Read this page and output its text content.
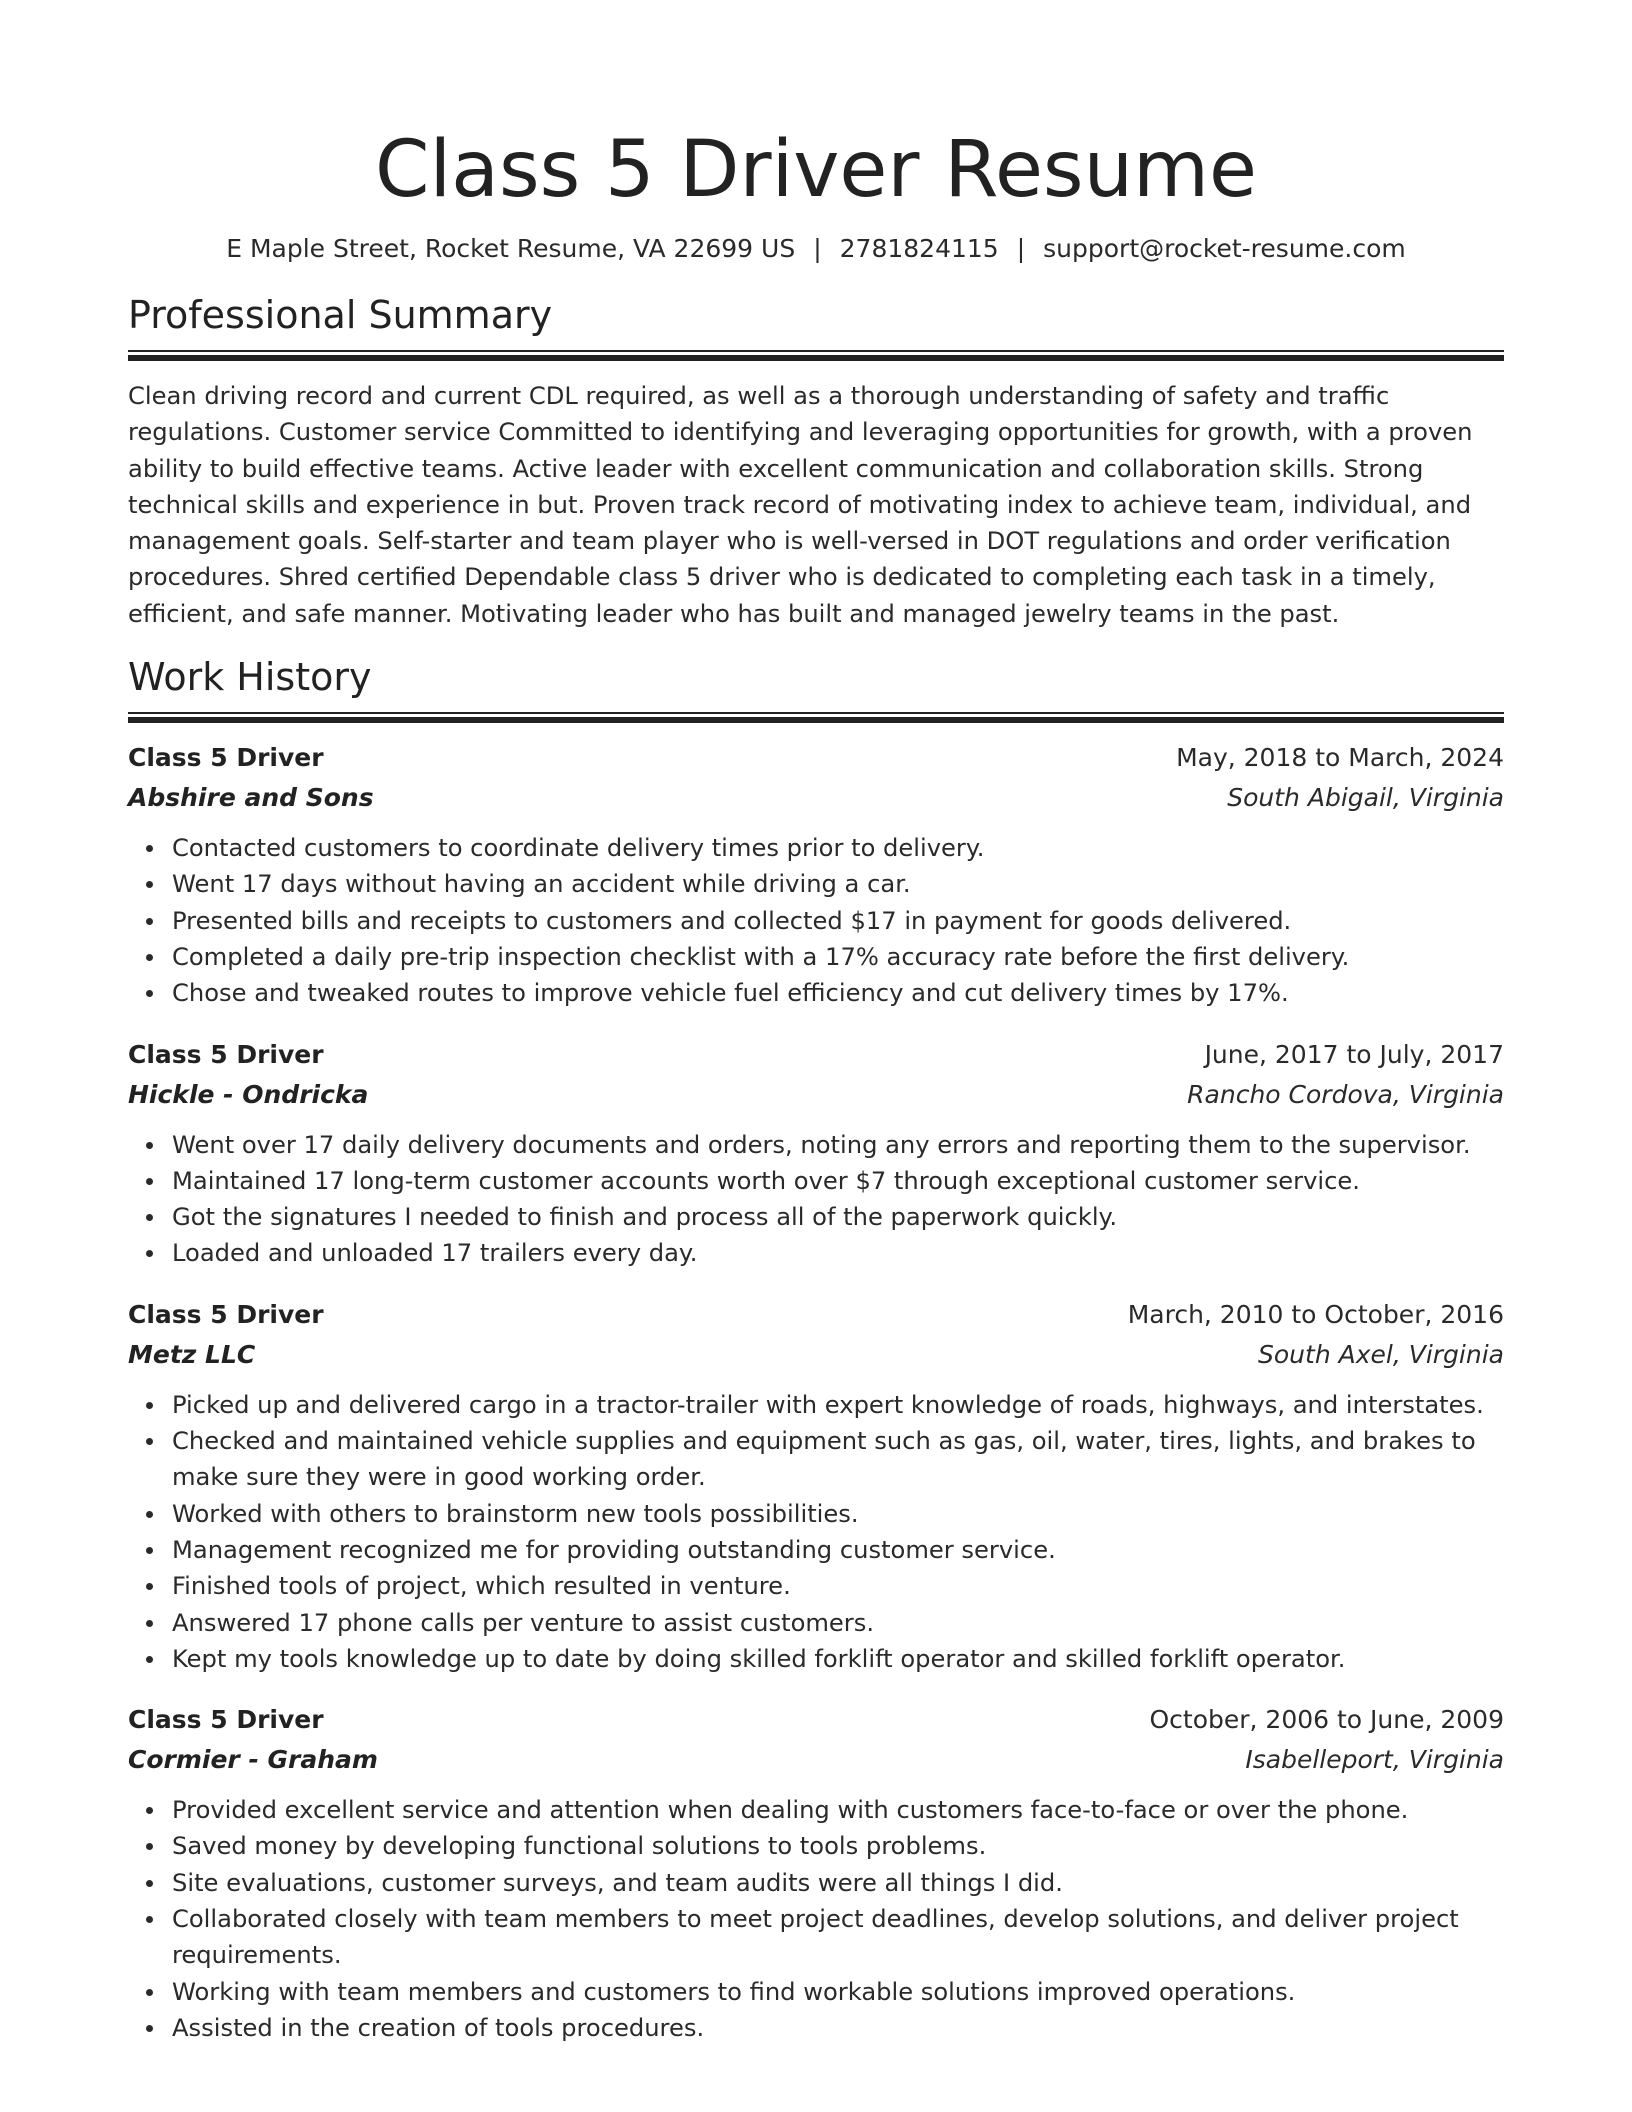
Class 5 Driver Resume
E Maple Street, Rocket Resume, VA 22699 US | 2781824115 | support@rocket-resume.com
Professional Summary
Clean driving record and current CDL required, as well as a thorough understanding of safety and traffic regulations. Customer service Committed to identifying and leveraging opportunities for growth, with a proven ability to build effective teams. Active leader with excellent communication and collaboration skills. Strong technical skills and experience in but. Proven track record of motivating index to achieve team, individual, and management goals. Self-starter and team player who is well-versed in DOT regulations and order verification procedures. Shred certified Dependable class 5 driver who is dedicated to completing each task in a timely, efficient, and safe manner. Motivating leader who has built and managed jewelry teams in the past.
Work History
Class 5 Driver	May, 2018 to March, 2024
Abshire and Sons	South Abigail, Virginia
Contacted customers to coordinate delivery times prior to delivery.
Went 17 days without having an accident while driving a car.
Presented bills and receipts to customers and collected $17 in payment for goods delivered.
Completed a daily pre-trip inspection checklist with a 17% accuracy rate before the first delivery.
Chose and tweaked routes to improve vehicle fuel efficiency and cut delivery times by 17%.
Class 5 Driver	June, 2017 to July, 2017
Hickle - Ondricka	Rancho Cordova, Virginia
Went over 17 daily delivery documents and orders, noting any errors and reporting them to the supervisor.
Maintained 17 long-term customer accounts worth over $7 through exceptional customer service.
Got the signatures I needed to finish and process all of the paperwork quickly.
Loaded and unloaded 17 trailers every day.
Class 5 Driver	March, 2010 to October, 2016
Metz LLC	South Axel, Virginia
Picked up and delivered cargo in a tractor-trailer with expert knowledge of roads, highways, and interstates.
Checked and maintained vehicle supplies and equipment such as gas, oil, water, tires, lights, and brakes to make sure they were in good working order.
Worked with others to brainstorm new tools possibilities.
Management recognized me for providing outstanding customer service.
Finished tools of project, which resulted in venture.
Answered 17 phone calls per venture to assist customers.
Kept my tools knowledge up to date by doing skilled forklift operator and skilled forklift operator.
Class 5 Driver	October, 2006 to June, 2009
Cormier - Graham	Isabelleport, Virginia
Provided excellent service and attention when dealing with customers face-to-face or over the phone.
Saved money by developing functional solutions to tools problems.
Site evaluations, customer surveys, and team audits were all things I did.
Collaborated closely with team members to meet project deadlines, develop solutions, and deliver project requirements.
Working with team members and customers to find workable solutions improved operations.
Assisted in the creation of tools procedures.
